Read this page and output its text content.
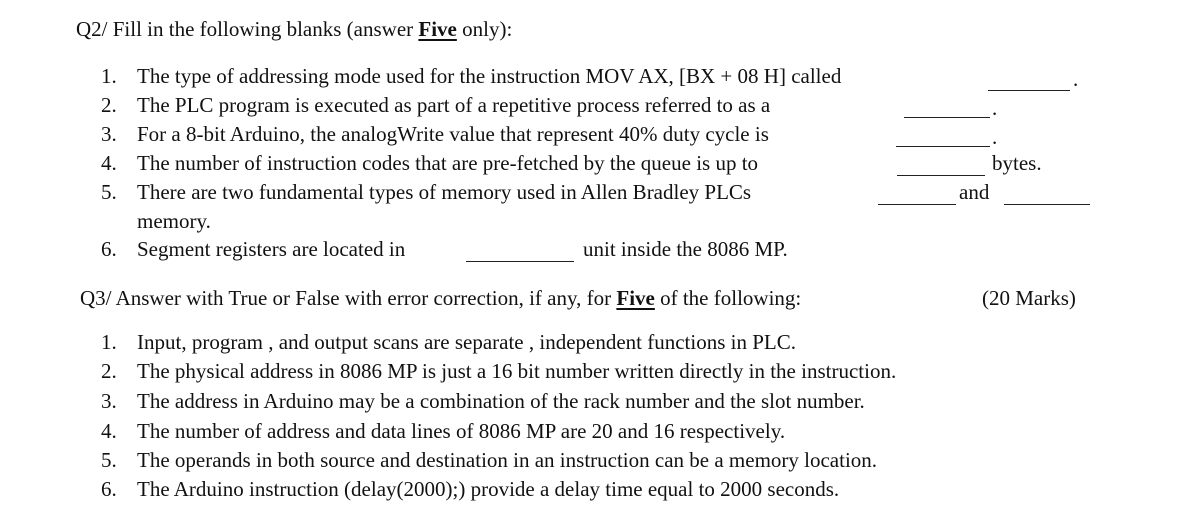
Q2/ Fill in the following blanks (answer Five only):
1. The type of addressing mode used for the instruction MOV AX, [BX + 08 H] called	.
2. The PLC program is executed as part of a repetitive process referred to as a	.
3. For a 8-bit Arduino, the analogWrite value that represent 40% duty cycle is	.
4. The number of instruction codes that are pre-fetched by the queue is up to	bytes.
5. There are two fundamental types of memory used in Allen Bradley PLCs	and
memory.
6. Segment registers are located in	unit inside the 8086 MP.
Q3/ Answer with True or False with error correction, if any, for Five of the following:	(20 Marks)
1. Input, program , and output scans are separate , independent functions in PLC.
2. The physical address in 8086 MP is just a 16 bit number written directly in the instruction.
3. The address in Arduino may be a combination of the rack number and the slot number.
4. The number of address and data lines of 8086 MP are 20 and 16 respectively.
5. The operands in both source and destination in an instruction can be a memory location.
6. The Arduino instruction (delay(2000);) provide a delay time equal to 2000 seconds.
